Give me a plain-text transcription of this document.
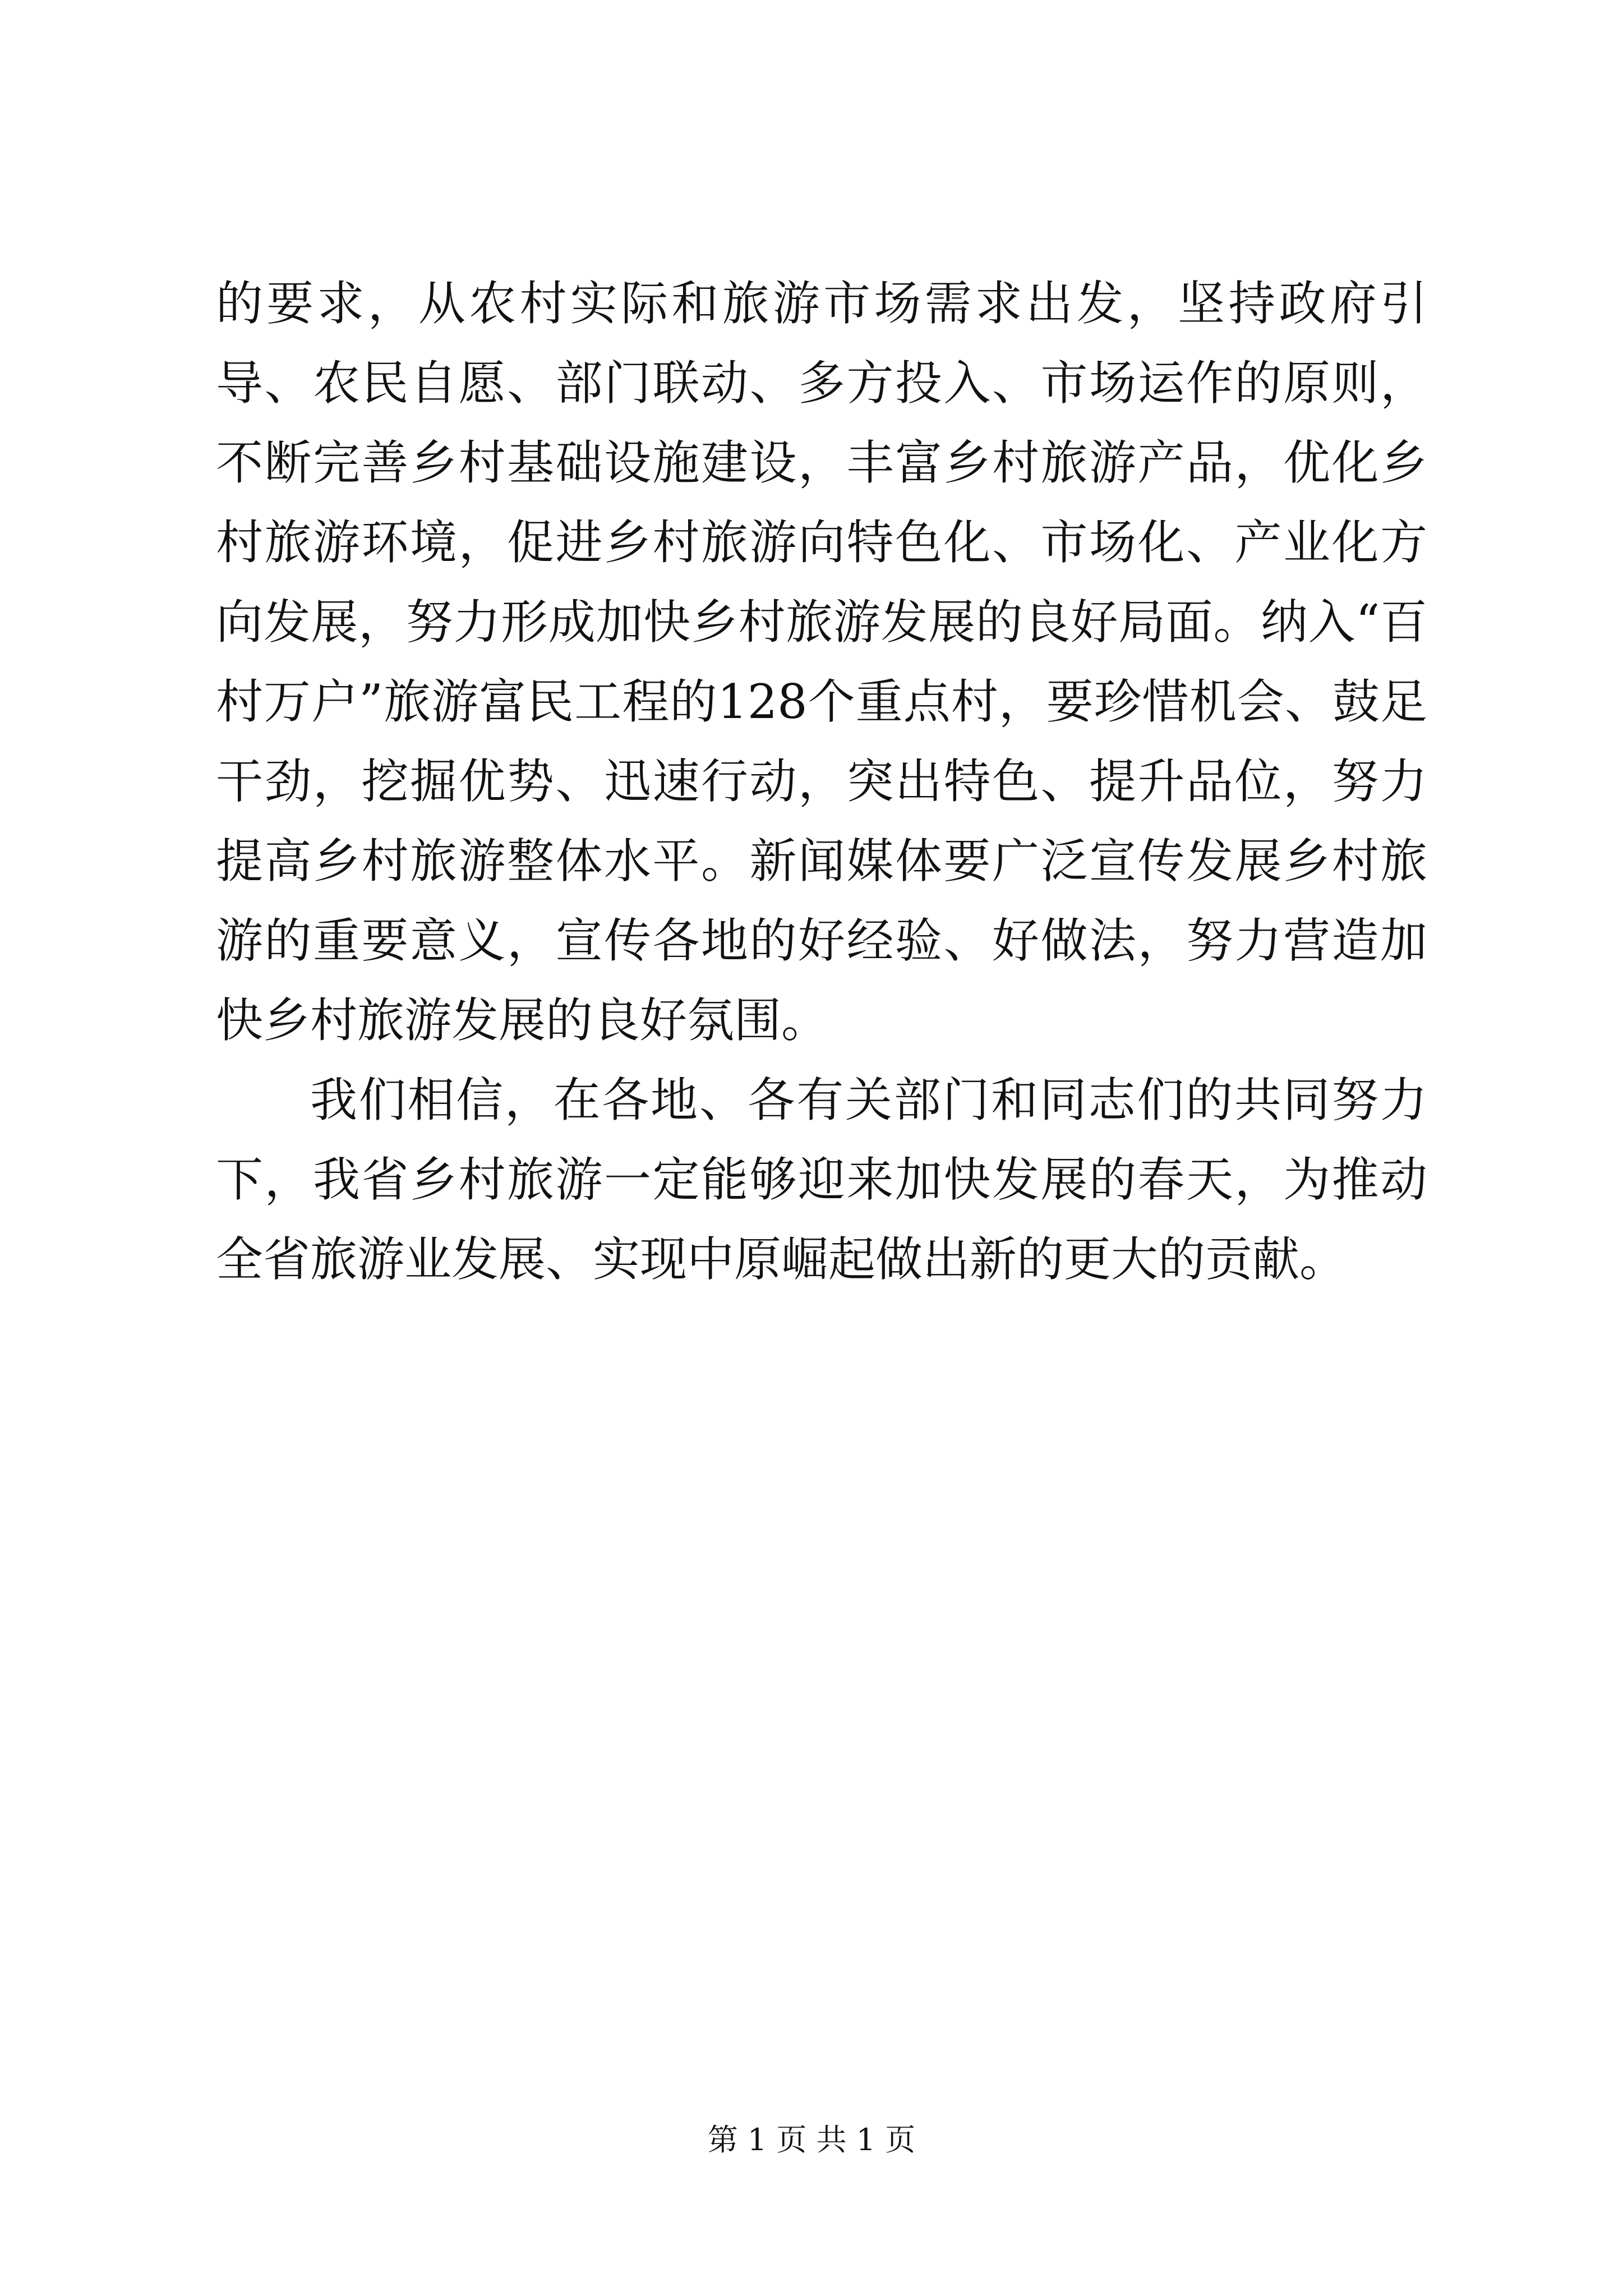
的要求，从农村实际和旅游市场需求出发，坚持政府引导、农民自愿、部门联动、多方投入、市场运作的原则，不断完善乡村基础设施建设，丰富乡村旅游产品，优化乡村旅游环境，促进乡村旅游向特色化、市场化、产业化方向发展，努力形成加快乡村旅游发展的良好局面。纳入“百村万户”旅游富民工程的128个重点村，要珍惜机会、鼓足干劲，挖掘优势、迅速行动，突出特色、提升品位，努力提高乡村旅游整体水平。新闻媒体要广泛宣传发展乡村旅游的重要意义，宣传各地的好经验、好做法，努力营造加快乡村旅游发展的良好氛围。

我们相信，在各地、各有关部门和同志们的共同努力下，我省乡村旅游一定能够迎来加快发展的春天，为推动全省旅游业发展、实现中原崛起做出新的更大的贡献。

第 1 页 共 1 页
